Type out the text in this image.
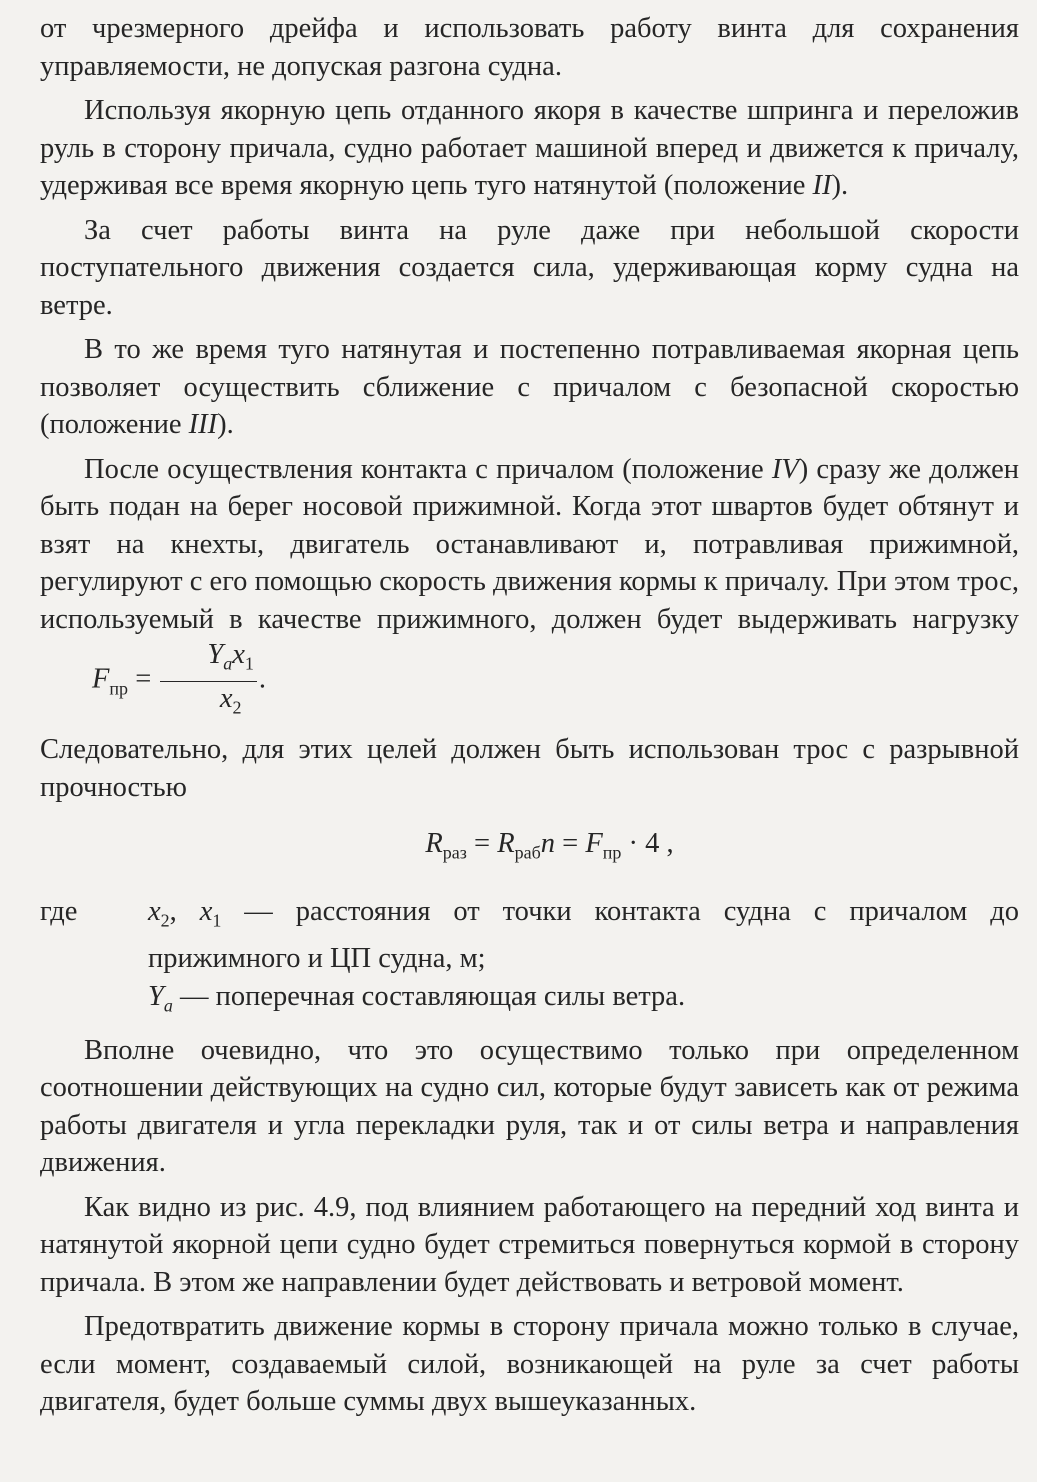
от чрезмерного дрейфа и использовать работу винта для сохранения управляемости, не допуская разгона судна.

Используя якорную цепь отданного якоря в качестве шпринга и переложив руль в сторону причала, судно работает машиной вперед и движется к причалу, удерживая все время якорную цепь туго натянутой (положение II).

За счет работы винта на руле даже при небольшой скорости поступательного движения создается сила, удерживающая корму судна на ветре.

В то же время туго натянутая и постепенно потравливаемая якорная цепь позволяет осуществить сближение с причалом с безопасной скоростью (положение III).

После осуществления контакта с причалом (положение IV) сразу же должен быть подан на берег носовой прижимной. Когда этот швартов будет обтянут и взят на кнехты, двигатель останавливают и, потравливая прижимной, регулируют с его помощью скорость движения кормы к причалу. При этом трос, используемый в качестве прижимного, должен будет выдерживать нагрузку $F_{пр} = \frac{Y_ax_1}{x_2}$ .

Следовательно, для этих целей должен быть использован трос с разрывной прочностью

$R_{раз} = R_{раб}n = F_{пр} \cdot 4$ ,
где	$x_2$, $x_1$ — расстояния от точки контакта судна с причалом до прижимного и ЦП судна, м;
$Y_a$ — поперечная составляющая силы ветра.

Вполне очевидно, что это осуществимо только при определенном соотношении действующих на судно сил, которые будут зависеть как от режима работы двигателя и угла перекладки руля, так и от силы ветра и направления движения.

Как видно из рис. 4.9, под влиянием работающего на передний ход винта и натянутой якорной цепи судно будет стремиться повернуться кормой в сторону причала. В этом же направлении будет действовать и ветровой момент.

Предотвратить движение кормы в сторону причала можно только в случае, если момент, создаваемый силой, возникающей на руле за счет работы двигателя, будет больше суммы двух вышеуказанных.
